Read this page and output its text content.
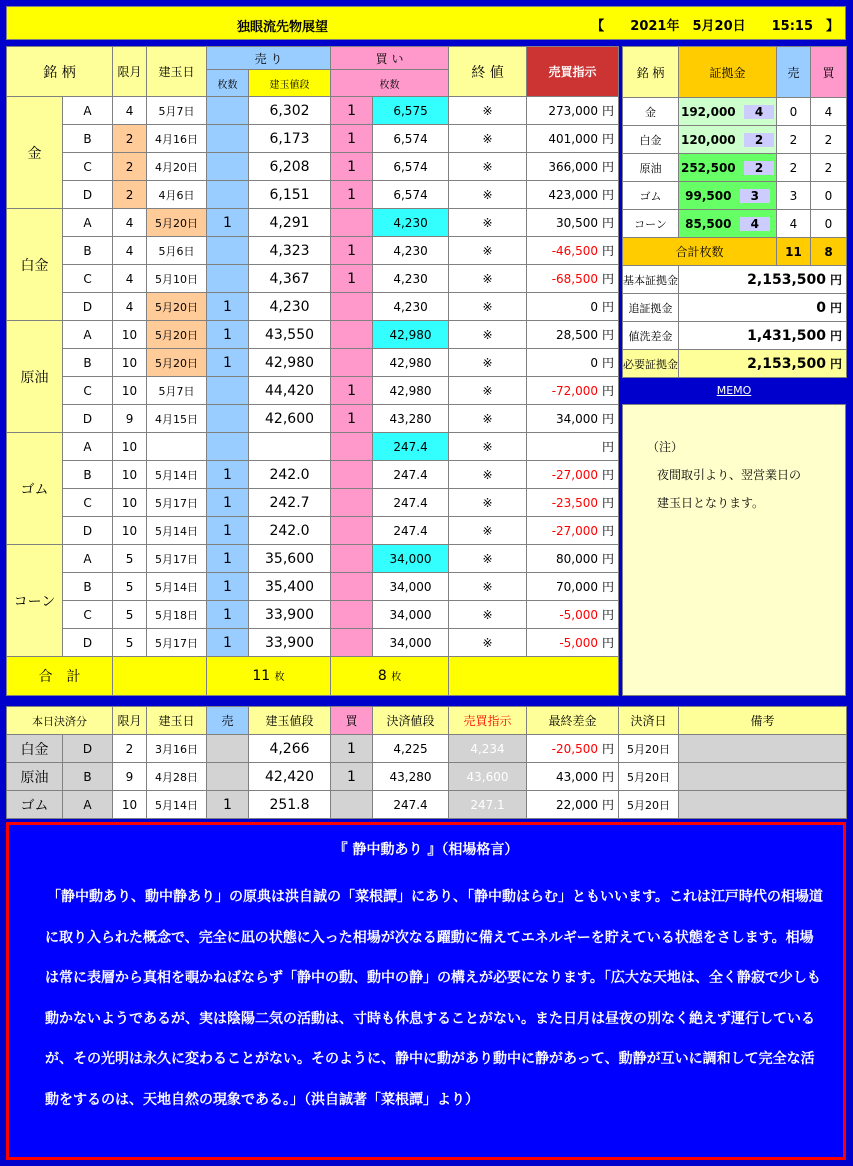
独眼流先物展望	【　　2021年　5月20日　　15:15　】
銘 柄		限月	建玉日	売 り		買 い		終 値	売買指示	
				枚数	建玉値段	枚数				
金	A	4	5月7日		6,302	1	6,575	※	273,000 円	
	B	2	4月16日		6,173	1	6,574	※	401,000 円	
	C	2	4月20日		6,208	1	6,574	※	366,000 円	
	D	2	4月6日		6,151	1	6,574	※	423,000 円	
白金	A	4	5月20日	1	4,291		4,230	※	30,500 円	
	B	4	5月6日		4,323	1	4,230	※	-46,500 円	
	C	4	5月10日		4,367	1	4,230	※	-68,500 円	
	D	4	5月20日	1	4,230		4,230	※	0 円	
原油	A	10	5月20日	1	43,550		42,980	※	28,500 円	
	B	10	5月20日	1	42,980		42,980	※	0 円	
	C	10	5月7日		44,420	1	42,980	※	-72,000 円	
	D	9	4月15日		42,600	1	43,280	※	34,000 円	
ゴム	A	10					247.4	※	円	
	B	10	5月14日	1	242.0		247.4	※	-27,000 円	
	C	10	5月17日	1	242.7		247.4	※	-23,500 円	
	D	10	5月14日	1	242.0		247.4	※	-27,000 円	
コーン	A	5	5月17日	1	35,600		34,000	※	80,000 円	
	B	5	5月14日	1	35,400		34,000	※	70,000 円	
	C	5	5月18日	1	33,900		34,000	※	-5,000 円	
	D	5	5月17日	1	33,900		34,000	※	-5,000 円	
合　計				11 枚		8 枚		
銘 柄	証拠金	売	買
金	192,000 4	0	4
白金	120,000 2	2	2
原油	252,500 2	2	2
ゴム	99,500 3	3	0
コーン	85,500 4	4	0
合計枚数		11	8
基本証拠金	2,153,500 円		
追証拠金	0 円		
値洗差金	1,431,500 円		
必要証拠金	2,153,500 円		
MEMO
（注）
夜間取引より、翌営業日の
建玉日となります。
本日決済分		限月	建玉日	売	建玉値段	買	決済値段	売買指示	最終差金	決済日	備考
白金	D	2	3月16日		4,266	1	4,225	4,234	-20,500 円	5月20日	
原油	B	9	4月28日		42,420	1	43,280	43,600	43,000 円	5月20日	
ゴム	A	10	5月14日	1	251.8		247.4	247.1	22,000 円	5月20日	
『 静中動あり 』（相場格言）
「静中動あり、動中静あり」の原典は洪自誠の「菜根譚」にあり、「静中動はらむ」ともいいます。これは江戸時代の相場道に取り入られた概念で、完全に凪の状態に入った相場が次なる躍動に備えてエネルギーを貯えている状態をさします。相場は常に表層から真相を覗かねばならず「静中の動、動中の静」の構えが必要になります。「広大な天地は、全く静寂で少しも動かないようであるが、実は陰陽二気の活動は、寸時も休息することがない。また日月は昼夜の別なく絶えず運行しているが、その光明は永久に変わることがない。そのように、静中に動があり動中に静があって、動静が互いに調和して完全な活動をするのは、天地自然の現象である。」（洪自誠著「菜根譚」より）
